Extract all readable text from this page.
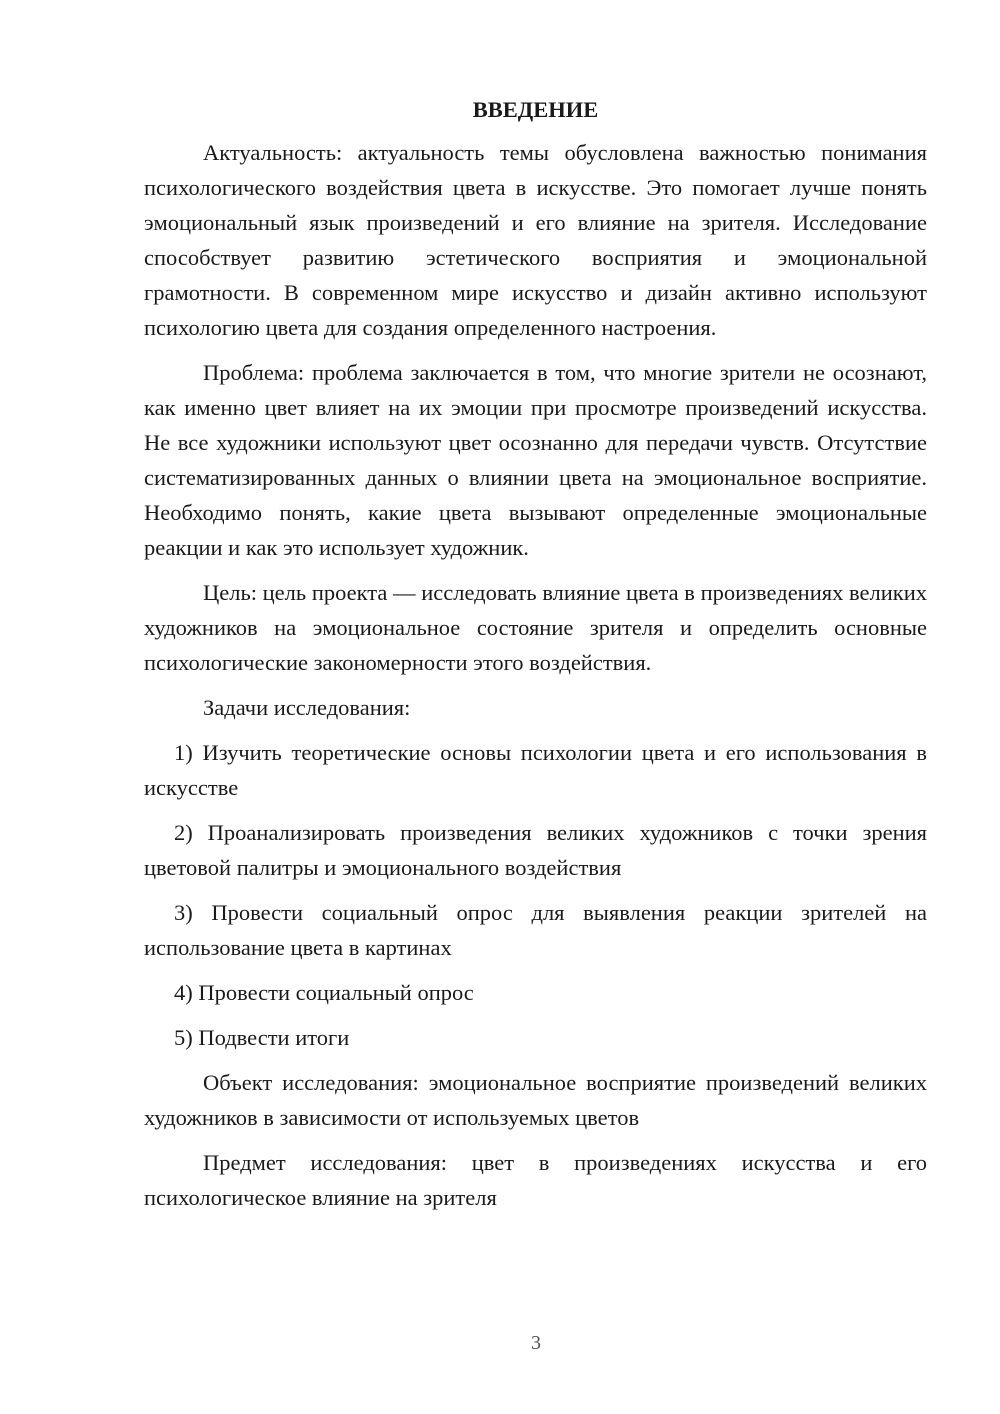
ВВЕДЕНИЕ

Актуальность: актуальность темы обусловлена важностью понимания психологического воздействия цвета в искусстве. Это помогает лучше понять эмоциональный язык произведений и его влияние на зрителя. Исследование способствует развитию эстетического восприятия и эмоциональной грамотности. В современном мире искусство и дизайн активно используют психологию цвета для создания определенного настроения.

Проблема: проблема заключается в том, что многие зрители не осознают, как именно цвет влияет на их эмоции при просмотре произведений искусства. Не все художники используют цвет осознанно для передачи чувств. Отсутствие систематизированных данных о влиянии цвета на эмоциональное восприятие. Необходимо понять, какие цвета вызывают определенные эмоциональные реакции и как это использует художник.

Цель: цель проекта — исследовать влияние цвета в произведениях великих художников на эмоциональное состояние зрителя и определить основные психологические закономерности этого воздействия.

Задачи исследования:

1) Изучить теоретические основы психологии цвета и его использования в искусстве

2) Проанализировать произведения великих художников с точки зрения цветовой палитры и эмоционального воздействия

3) Провести социальный опрос для выявления реакции зрителей на использование цвета в картинах

4) Провести социальный опрос

5) Подвести итоги

Объект исследования: эмоциональное восприятие произведений великих художников в зависимости от используемых цветов

Предмет исследования: цвет в произведениях искусства и его психологическое влияние на зрителя

3
